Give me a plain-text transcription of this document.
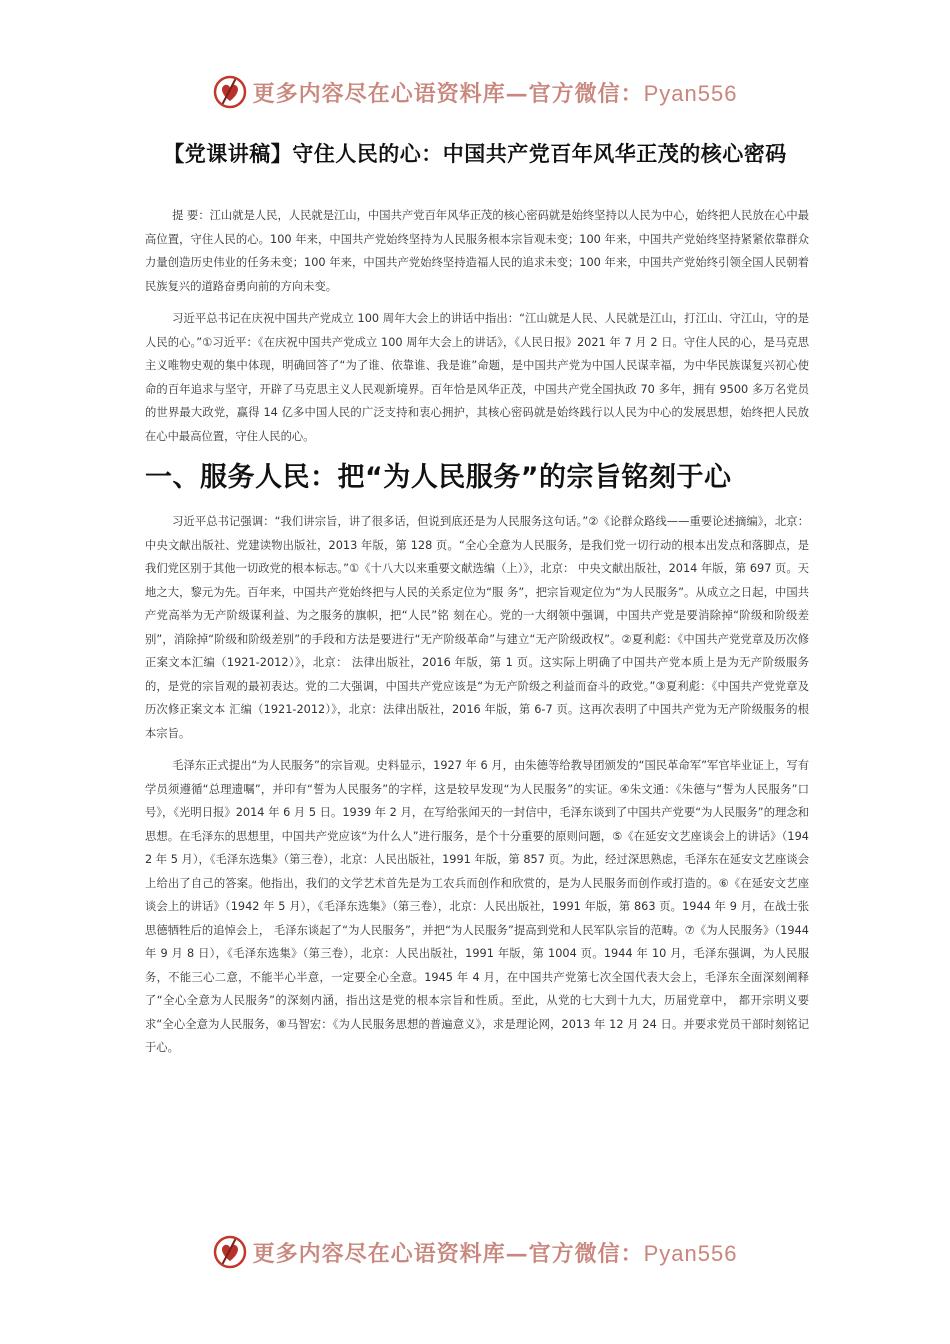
更多内容尽在心语资料库—官方微信：Pyan556
【党课讲稿】守住人民的心：中国共产党百年风华正茂的核心密码

提 要：江山就是人民，人民就是江山，中国共产党百年风华正茂的核心密码就是始终坚持以人民为中心，始终把人民放在心中最高位置，守住人民的心。100 年来，中国共产党始终坚持为人民服务根本宗旨观未变；100 年来，中国共产党始终坚持紧紧依靠群众力量创造历史伟业的任务未变；100 年来，中国共产党始终坚持造福人民的追求未变；100 年来，中国共产党始终引领全国人民朝着民族复兴的道路奋勇向前的方向未变。

习近平总书记在庆祝中国共产党成立 100 周年大会上的讲话中指出：“江山就是人民、人民就是江山，打江山、守江山，守的是人民的心。”①习近平：《在庆祝中国共产党成立 100 周年大会上的讲话》，《人民日报》2021 年 7 月 2 日。守住人民的心，是马克思主义唯物史观的集中体现，明确回答了“为了谁、依靠谁、我是谁”命题，是中国共产党为中国人民谋幸福，为中华民族谋复兴初心使命的百年追求与坚守，开辟了马克思主义人民观新境界。百年恰是风华正茂，中国共产党全国执政 70 多年，拥有 9500 多万名党员的世界最大政党，赢得 14 亿多中国人民的广泛支持和衷心拥护，其核心密码就是始终践行以人民为中心的发展思想，始终把人民放在心中最高位置，守住人民的心。

一、服务人民：把“为人民服务”的宗旨铭刻于心

习近平总书记强调：“我们讲宗旨，讲了很多话，但说到底还是为人民服务这句话。”②《论群众路线——重要论述摘编》，北京：中央文献出版社、党建读物出版社，2013 年版，第 128 页。“全心全意为人民服务，是我们党一切行动的根本出发点和落脚点，是我们党区别于其他一切政党的根本标志。”①《十八大以来重要文献选编（上）》，北京： 中央文献出版社，2014 年版，第 697 页。天地之大，黎元为先。百年来，中国共产党始终把与人民的关系定位为“服 务”，把宗旨观定位为“为人民服务”。从成立之日起，中国共产党高举为无产阶级谋利益、为之服务的旗帜，把“人民”铭 刻在心。党的一大纲领中强调，中国共产党是要消除掉“阶级和阶级差别”，消除掉“阶级和阶级差别”的手段和方法是要进行“无产阶级革命”与建立“无产阶级政权”。②夏利彪：《中国共产党党章及历次修正案文本汇编（1921-2012）》，北京： 法律出版社，2016 年版，第 1 页。这实际上明确了中国共产党本质上是为无产阶级服务的，是党的宗旨观的最初表达。党的二大强调，中国共产党应该是“为无产阶级之利益而奋斗的政党。”③夏利彪：《中国共产党党章及历次修正案文本 汇编（1921-2012）》，北京：法律出版社，2016 年版，第 6-7 页。这再次表明了中国共产党为无产阶级服务的根本宗旨。

毛泽东正式提出“为人民服务”的宗旨观。史料显示，1927 年 6 月，由朱德等给教导团颁发的“国民革命军”军官毕业证上，写有学员须遵循“总理遗嘱”，并印有“誓为人民服务”的字样，这是较早发现“为人民服务”的实证。④朱文通：《朱德与“誓为人民服务”口号》，《光明日报》2014 年 6 月 5 日。1939 年 2 月，在写给张闻天的一封信中，毛泽东谈到了中国共产党要“为人民服务”的理念和思想。在毛泽东的思想里，中国共产党应该“为什么人”进行服务，是个十分重要的原则问题，⑤《在延安文艺座谈会上的讲话》（1942 年 5 月），《毛泽东选集》（第三卷），北京：人民出版社，1991 年版，第 857 页。为此，经过深思熟虑，毛泽东在延安文艺座谈会上给出了自己的答案。他指出，我们的文学艺术首先是为工农兵而创作和欣赏的，是为人民服务而创作或打造的。⑥《在延安文艺座谈会上的讲话》（1942 年 5 月），《毛泽东选集》（第三卷），北京：人民出版社，1991 年版，第 863 页。1944 年 9 月，在战士张思德牺牲后的追悼会上， 毛泽东谈起了“为人民服务”，并把“为人民服务”提高到党和人民军队宗旨的范畴。⑦《为人民服务》（1944 年 9 月 8 日），《毛泽东选集》（第三卷），北京：人民出版社，1991 年版，第 1004 页。1944 年 10 月，毛泽东强调，为人民服务，不能三心二意，不能半心半意，一定要全心全意。1945 年 4 月，在中国共产党第七次全国代表大会上，毛泽东全面深刻阐释了“全心全意为人民服务”的深刻内涵，指出这是党的根本宗旨和性质。至此，从党的七大到十九大，历届党章中， 都开宗明义要求“全心全意为人民服务，⑧马智宏：《为人民服务思想的普遍意义》，求是理论网，2013 年 12 月 24 日。并要求党员干部时刻铭记于心。

更多内容尽在心语资料库—官方微信：Pyan556
